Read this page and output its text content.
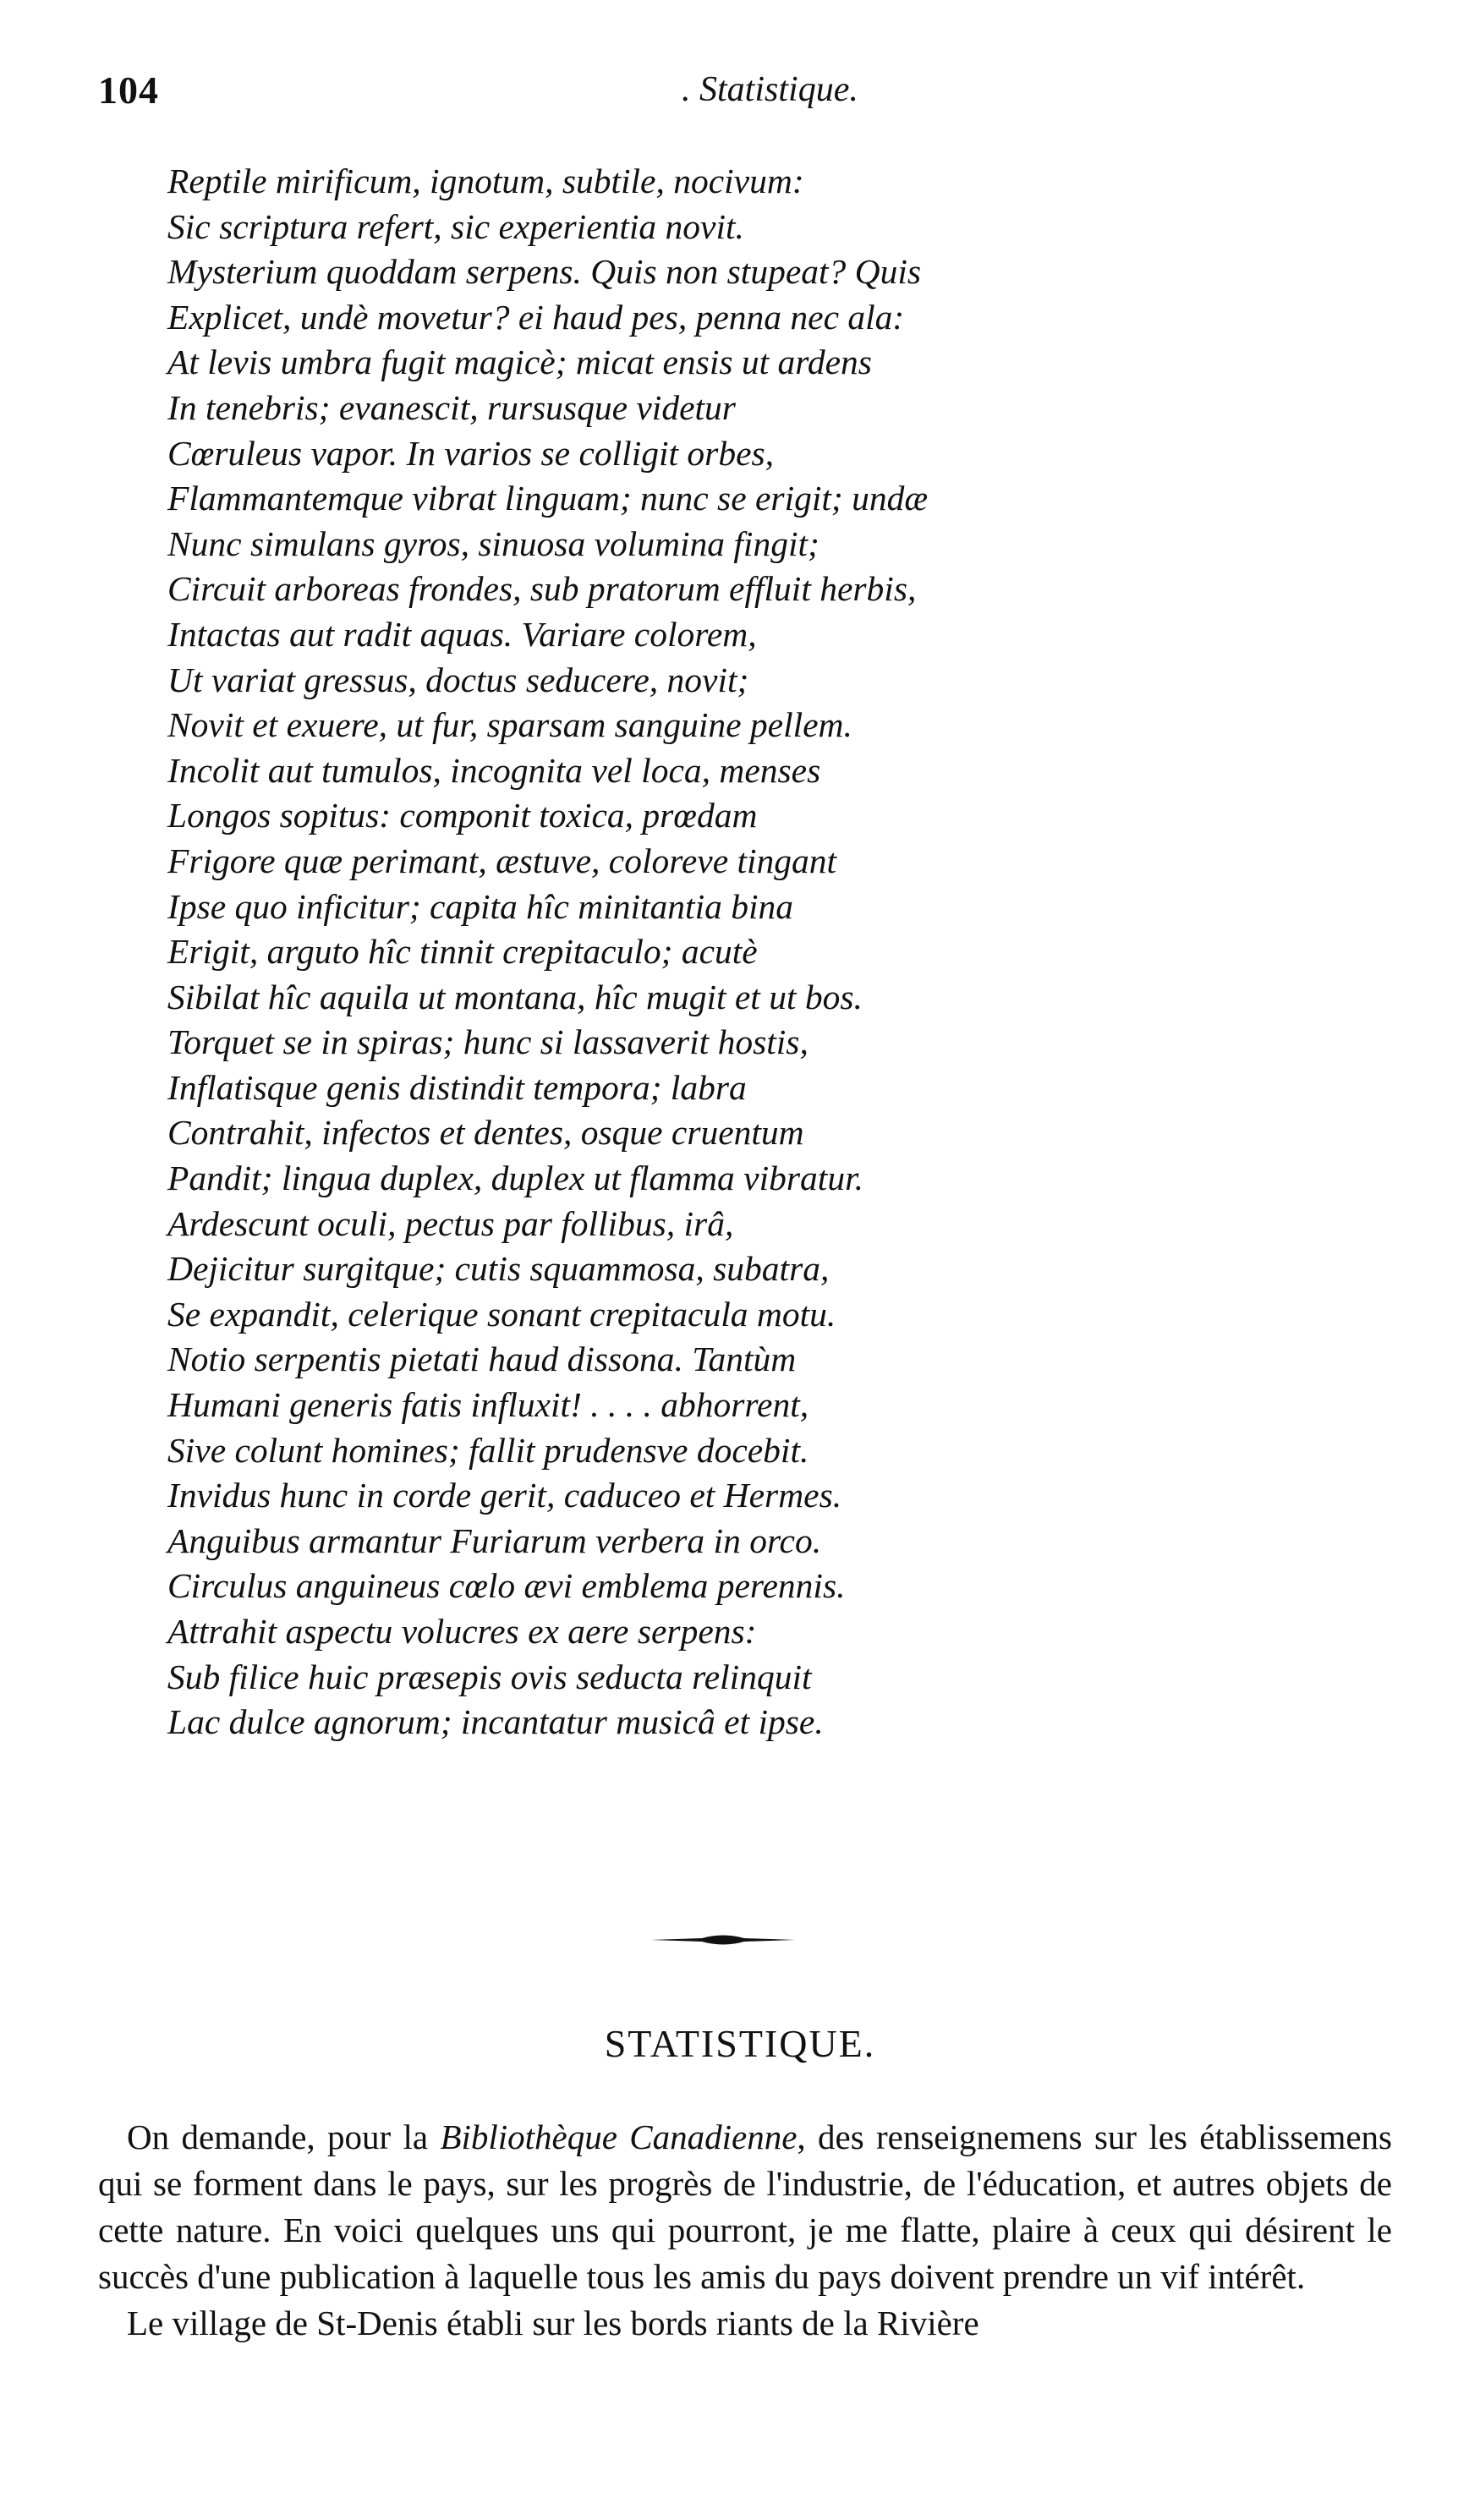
104	. Statistique.
Reptile mirificum, ignotum, subtile, nocivum:
Sic scriptura refert, sic experientia novit.
Mysterium quoddam serpens. Quis non stupeat? Quis
Explicet, undè movetur? ei haud pes, penna nec ala:
At levis umbra fugit magicè; micat ensis ut ardens
In tenebris; evanescit, rursusque videtur
Cœruleus vapor. In varios se colligit orbes,
Flammantemque vibrat linguam; nunc se erigit; undæ
Nunc simulans gyros, sinuosa volumina fingit;
Circuit arboreas frondes, sub pratorum effluit herbis,
Intactas aut radit aquas. Variare colorem,
Ut variat gressus, doctus seducere, novit;
Novit et exuere, ut fur, sparsam sanguine pellem.
Incolit aut tumulos, incognita vel loca, menses
Longos sopitus: componit toxica, prœdam
Frigore quæ perimant, æstuve, coloreve tingant
Ipse quo inficitur; capita hîc minitantia bina
Erigit, arguto hîc tinnit crepitaculo; acutè
Sibilat hîc aquila ut montana, hîc mugit et ut bos.
Torquet se in spiras; hunc si lassaverit hostis,
Inflatisque genis distindit tempora; labra
Contrahit, infectos et dentes, osque cruentum
Pandit; lingua duplex, duplex ut flamma vibratur.
Ardescunt oculi, pectus par follibus, irâ,
Dejicitur surgitque; cutis squammosa, subatra,
Se expandit, celerique sonant crepitacula motu.
Notio serpentis pietati haud dissona. Tantùm
Humani generis fatis influxit! . . . . abhorrent,
Sive colunt homines; fallit prudensve docebit.
Invidus hunc in corde gerit, caduceo et Hermes.
Anguibus armantur Furiarum verbera in orco.
Circulus anguineus cœlo ævi emblema perennis.
Attrahit aspectu volucres ex aere serpens:
Sub filice huic præsepis ovis seducta relinquit
Lac dulce agnorum; incantatur musicâ et ipse.
STATISTIQUE.

On demande, pour la Bibliothèque Canadienne, des renseignemens sur les établissemens qui se forment dans le pays, sur les progrès de l'industrie, de l'éducation, et autres objets de cette nature. En voici quelques uns qui pourront, je me flatte, plaire à ceux qui désirent le succès d'une publication à laquelle tous les amis du pays doivent prendre un vif intérêt.

Le village de St-Denis établi sur les bords riants de la Rivière
